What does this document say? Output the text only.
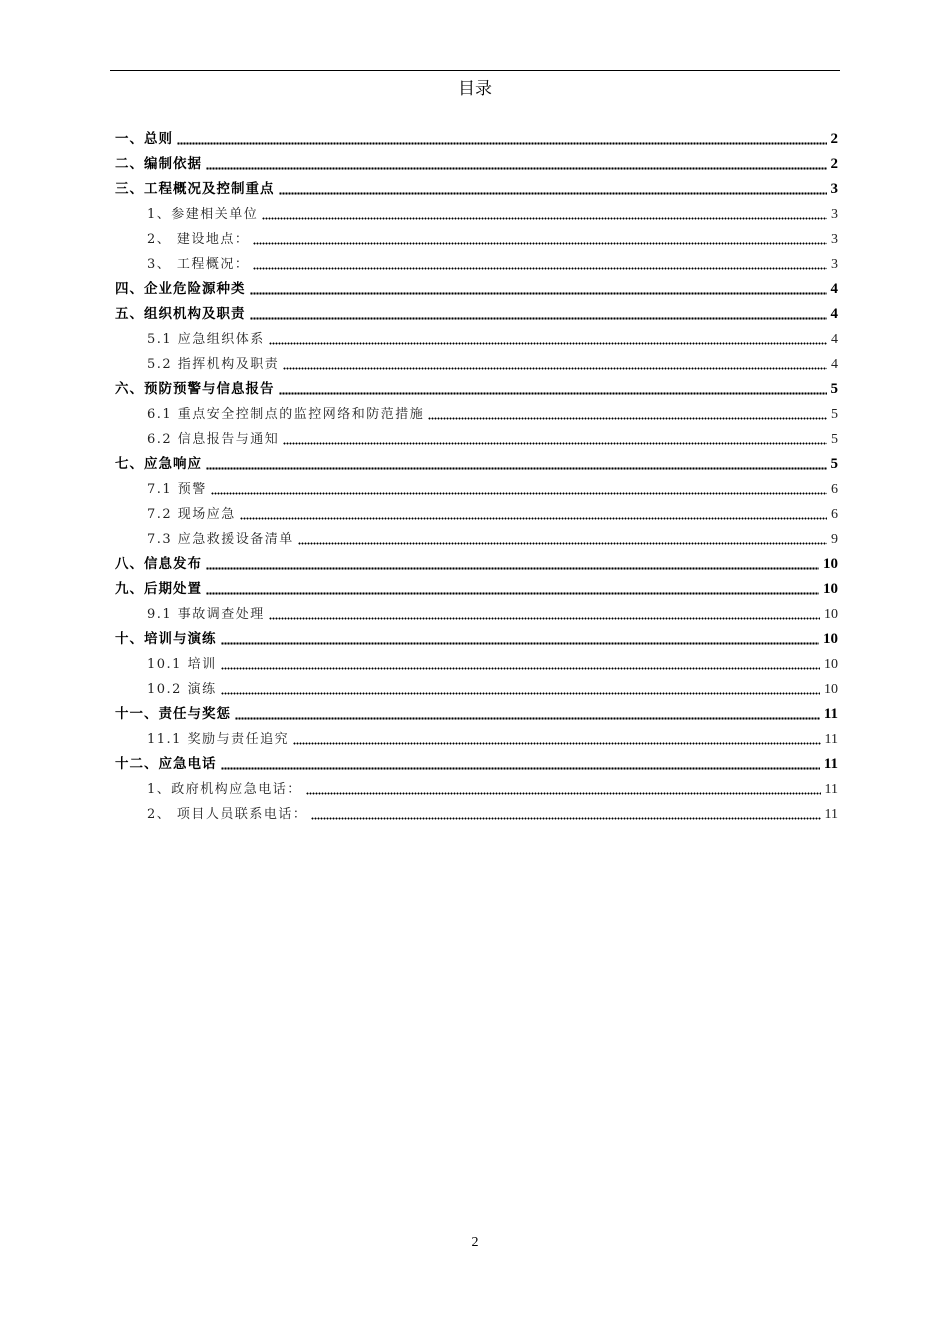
目录
一、总则	2
二、编制依据	2
三、工程概况及控制重点	3
1、参建相关单位	3
2、 建设地点：	3
3、 工程概况：	3
四、企业危险源种类	4
五、组织机构及职责	4
5.1 应急组织体系	4
5.2 指挥机构及职责	4
六、预防预警与信息报告	5
6.1 重点安全控制点的监控网络和防范措施	5
6.2 信息报告与通知	5
七、应急响应	5
7.1 预警	6
7.2 现场应急	6
7.3 应急救援设备清单	9
八、信息发布	10
九、后期处置	10
9.1 事故调查处理	10
十、培训与演练	10
10.1 培训	10
10.2 演练	10
十一、责任与奖惩	11
11.1 奖励与责任追究	11
十二、应急电话	11
1、政府机构应急电话：	11
2、 项目人员联系电话：	11
2
